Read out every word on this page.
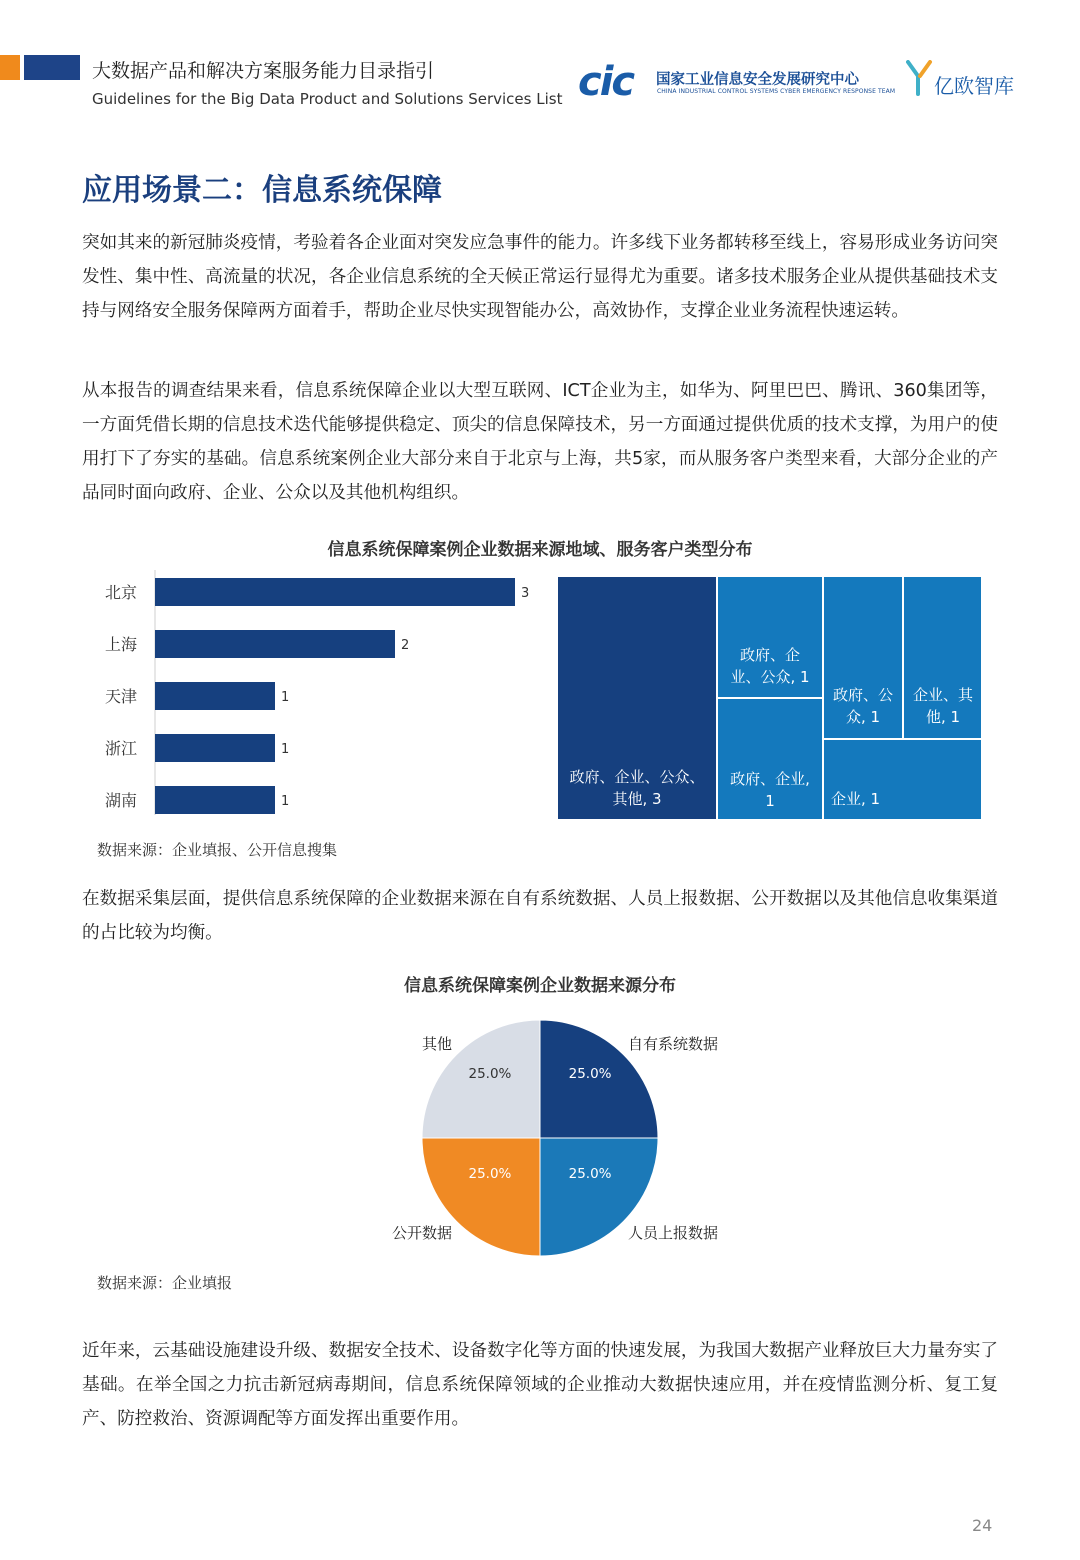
大数据产品和解决方案服务能力目录指引
Guidelines for the Big Data Product and Solutions Services List cic 国家工业信息安全发展研究中心
CHINA INDUSTRIAL CONTROL SYSTEMS CYBER EMERGENCY RESPONSE TEAM 亿欧智库
应用场景二：信息系统保障

突如其来的新冠肺炎疫情，考验着各企业面对突发应急事件的能力。许多线下业务都转移至线上，容易形成业务访问突发性、集中性、高流量的状况，各企业信息系统的全天候正常运行显得尤为重要。诸多技术服务企业从提供基础技术支持与网络安全服务保障两方面着手，帮助企业尽快实现智能办公，高效协作，支撑企业业务流程快速运转。

从本报告的调查结果来看，信息系统保障企业以大型互联网、ICT企业为主，如华为、阿里巴巴、腾讯、360集团等，一方面凭借长期的信息技术迭代能够提供稳定、顶尖的信息保障技术，另一方面通过提供优质的技术支撑，为用户的使用打下了夯实的基础。信息系统案例企业大部分来自于北京与上海，共5家，而从服务客户类型来看，大部分企业的产品同时面向政府、企业、公众以及其他机构组织。

信息系统保障案例企业数据来源地域、服务客户类型分布
北京	3
上海	2
天津	1
浙江	1
湖南	1
政府、企业、公众、其他, 3
政府、企业、公众, 1
政府、企业, 1
政府、公众, 1
企业、其他, 1
企业, 1
数据来源：企业填报、公开信息搜集

在数据采集层面，提供信息系统保障的企业数据来源在自有系统数据、人员上报数据、公开数据以及其他信息收集渠道的占比较为均衡。

信息系统保障案例企业数据来源分布
25.0%
自有系统数据
25.0%
人员上报数据
25.0%
公开数据
25.0%
其他
数据来源：企业填报

近年来，云基础设施建设升级、数据安全技术、设备数字化等方面的快速发展，为我国大数据产业释放巨大力量夯实了基础。在举全国之力抗击新冠病毒期间，信息系统保障领域的企业推动大数据快速应用，并在疫情监测分析、复工复产、防控救治、资源调配等方面发挥出重要作用。

24
